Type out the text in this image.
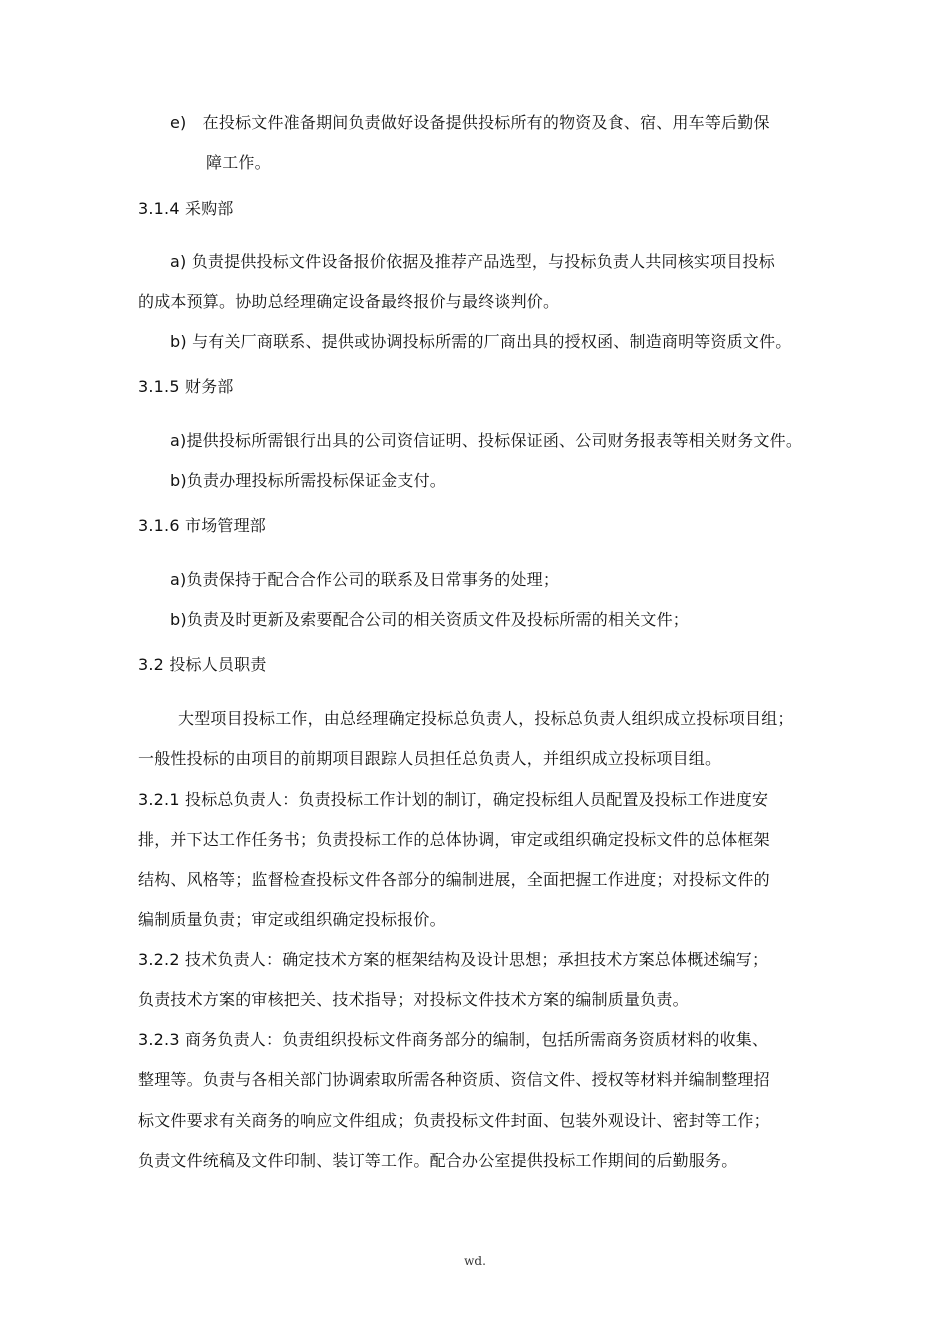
e)　在投标文件准备期间负责做好设备提供投标所有的物资及食、宿、用车等后勤保
障工作。
3.1.4 采购部
a) 负责提供投标文件设备报价依据及推荐产品选型，与投标负责人共同核实项目投标
的成本预算。协助总经理确定设备最终报价与最终谈判价。
b) 与有关厂商联系、提供或协调投标所需的厂商出具的授权函、制造商明等资质文件。
3.1.5 财务部
a)提供投标所需银行出具的公司资信证明、投标保证函、公司财务报表等相关财务文件。
b)负责办理投标所需投标保证金支付。
3.1.6 市场管理部
a)负责保持于配合合作公司的联系及日常事务的处理；
b)负责及时更新及索要配合公司的相关资质文件及投标所需的相关文件；
3.2 投标人员职责
大型项目投标工作，由总经理确定投标总负责人，投标总负责人组织成立投标项目组；
一般性投标的由项目的前期项目跟踪人员担任总负责人，并组织成立投标项目组。
3.2.1 投标总负责人：负责投标工作计划的制订，确定投标组人员配置及投标工作进度安
排，并下达工作任务书；负责投标工作的总体协调，审定或组织确定投标文件的总体框架
结构、风格等；监督检查投标文件各部分的编制进展，全面把握工作进度；对投标文件的
编制质量负责；审定或组织确定投标报价。
3.2.2 技术负责人：确定技术方案的框架结构及设计思想；承担技术方案总体概述编写；
负责技术方案的审核把关、技术指导；对投标文件技术方案的编制质量负责。
3.2.3 商务负责人：负责组织投标文件商务部分的编制，包括所需商务资质材料的收集、
整理等。负责与各相关部门协调索取所需各种资质、资信文件、授权等材料并编制整理招
标文件要求有关商务的响应文件组成；负责投标文件封面、包装外观设计、密封等工作；
负责文件统稿及文件印制、装订等工作。配合办公室提供投标工作期间的后勤服务。
wd.
